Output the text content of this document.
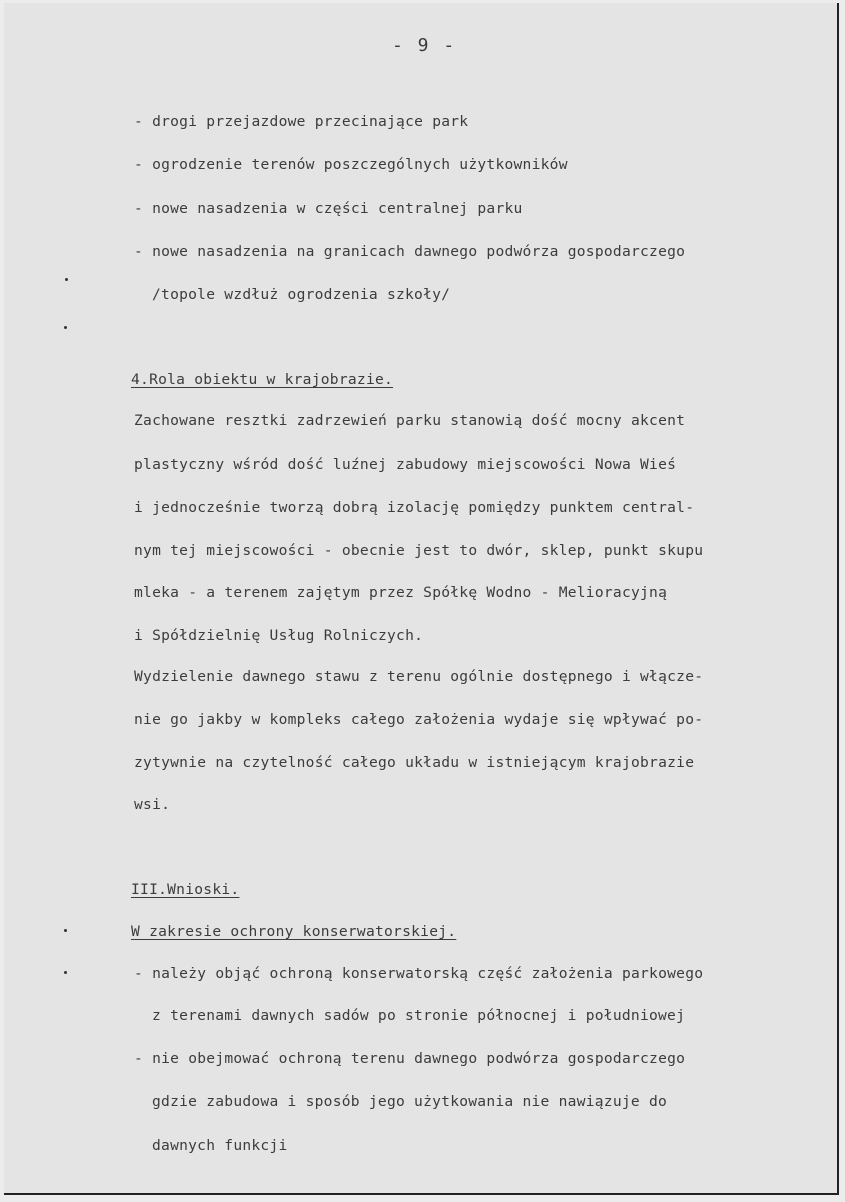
- 9 -
- drogi przejazdowe przecinające park
- ogrodzenie terenów poszczególnych użytkowników
- nowe nasadzenia w części centralnej parku
- nowe nasadzenia na granicach dawnego podwórza gospodarczego
/topole wzdłuż ogrodzenia szkoły/
4.Rola obiektu w krajobrazie.
Zachowane resztki zadrzewień parku stanowią dość mocny akcent
plastyczny wśród dość luźnej zabudowy miejscowości Nowa Wieś
i jednocześnie tworzą dobrą izolację pomiędzy punktem central-
nym tej miejscowości - obecnie jest to dwór, sklep, punkt skupu
mleka - a terenem zajętym przez Spółkę Wodno - Melioracyjną
i Spółdzielnię Usług Rolniczych.
Wydzielenie dawnego stawu z terenu ogólnie dostępnego i włącze-
nie go jakby w kompleks całego założenia wydaje się wpływać po-
zytywnie na czytelność całego układu w istniejącym krajobrazie
wsi.
III.Wnioski.
W zakresie ochrony konserwatorskiej.
- należy objąć ochroną konserwatorską część założenia parkowego
z terenami dawnych sadów po stronie północnej i południowej
- nie obejmować ochroną terenu dawnego podwórza gospodarczego
gdzie zabudowa i sposób jego użytkowania nie nawiązuje do
dawnych funkcji
